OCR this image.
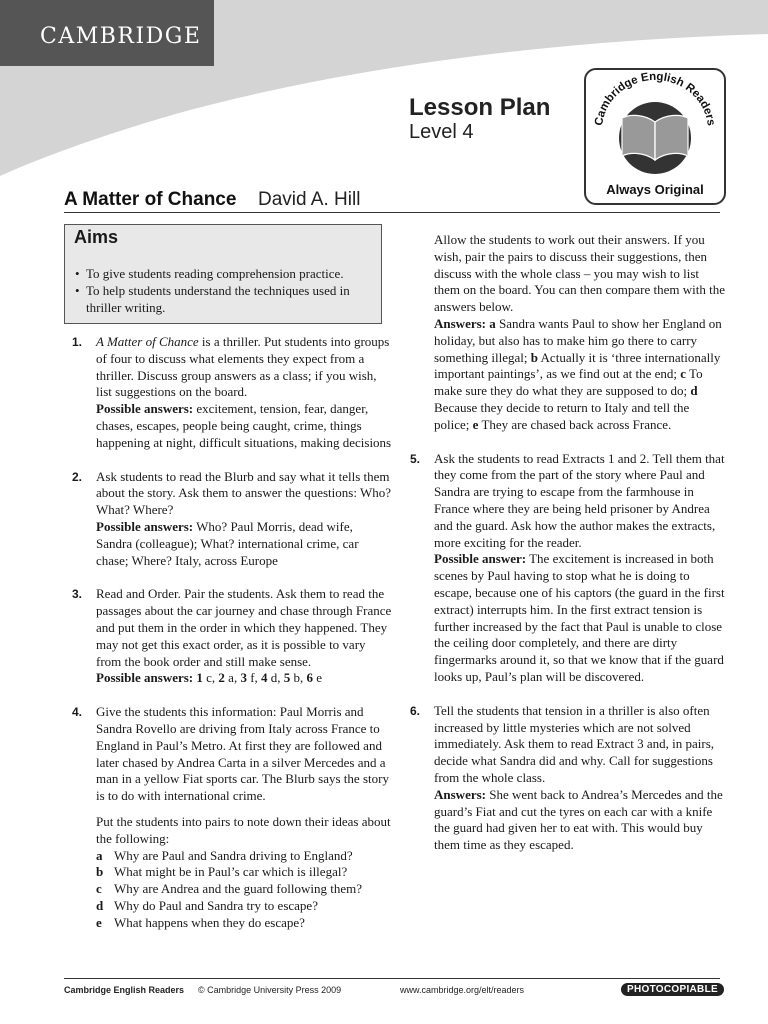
CAMBRIDGE
Lesson Plan
Level 4	Cambridge English Readers
Always Original
A Matter of Chance David A. Hill
Aims
• To give students reading comprehension practice.
• To help students understand the techniques used in thriller writing.
1. A Matter of Chance is a thriller. Put students into groups of four to discuss what elements they expect from a thriller. Discuss group answers as a class; if you wish, list suggestions on the board.

Possible answers: excitement, tension, fear, danger, chases, escapes, people being caught, crime, things happening at night, difficult situations, making decisions

2. Ask students to read the Blurb and say what it tells them about the story. Ask them to answer the questions: Who? What? Where?

Possible answers: Who? Paul Morris, dead wife, Sandra (colleague); What? international crime, car chase; Where? Italy, across Europe

3. Read and Order. Pair the students. Ask them to read the passages about the car journey and chase through France and put them in the order in which they happened. They may not get this exact order, as it is possible to vary from the book order and still make sense.

Possible answers: 1 c, 2 a, 3 f, 4 d, 5 b, 6 e

4. Give the students this information: Paul Morris and Sandra Rovello are driving from Italy across France to England in Paul’s Metro. At first they are followed and later chased by Andrea Carta in a silver Mercedes and a man in a yellow Fiat sports car. The Blurb says the story is to do with international crime.

Put the students into pairs to note down their ideas about the following:

a Why are Paul and Sandra driving to England?
b What might be in Paul’s car which is illegal?
c Why are Andrea and the guard following them?
d Why do Paul and Sandra try to escape?
e What happens when they do escape?

Allow the students to work out their answers. If you wish, pair the pairs to discuss their suggestions, then discuss with the whole class – you may wish to list them on the board. You can then compare them with the answers below.

Answers: a Sandra wants Paul to show her England on holiday, but also has to make him go there to carry something illegal; b Actually it is ‘three internationally important paintings’, as we find out at the end; c To make sure they do what they are supposed to do; d Because they decide to return to Italy and tell the police; e They are chased back across France.

5. Ask the students to read Extracts 1 and 2. Tell them that they come from the part of the story where Paul and Sandra are trying to escape from the farmhouse in France where they are being held prisoner by Andrea and the guard. Ask how the author makes the extracts, more exciting for the reader.

Possible answer: The excitement is increased in both scenes by Paul having to stop what he is doing to escape, because one of his captors (the guard in the first extract) interrupts him. In the first extract tension is further increased by the fact that Paul is unable to close the ceiling door completely, and there are dirty fingermarks around it, so that we know that if the guard looks up, Paul’s plan will be discovered.

6. Tell the students that tension in a thriller is also often increased by little mysteries which are not solved immediately. Ask them to read Extract 3 and, in pairs, decide what Sandra did and why. Call for suggestions from the whole class.

Answers: She went back to Andrea’s Mercedes and the guard’s Fiat and cut the tyres on each car with a knife the guard had given her to eat with. This would buy them time as they escaped.

Cambridge English Readers © Cambridge University Press 2009	www.cambridge.org/elt/readers	PHOTOCOPIABLE
